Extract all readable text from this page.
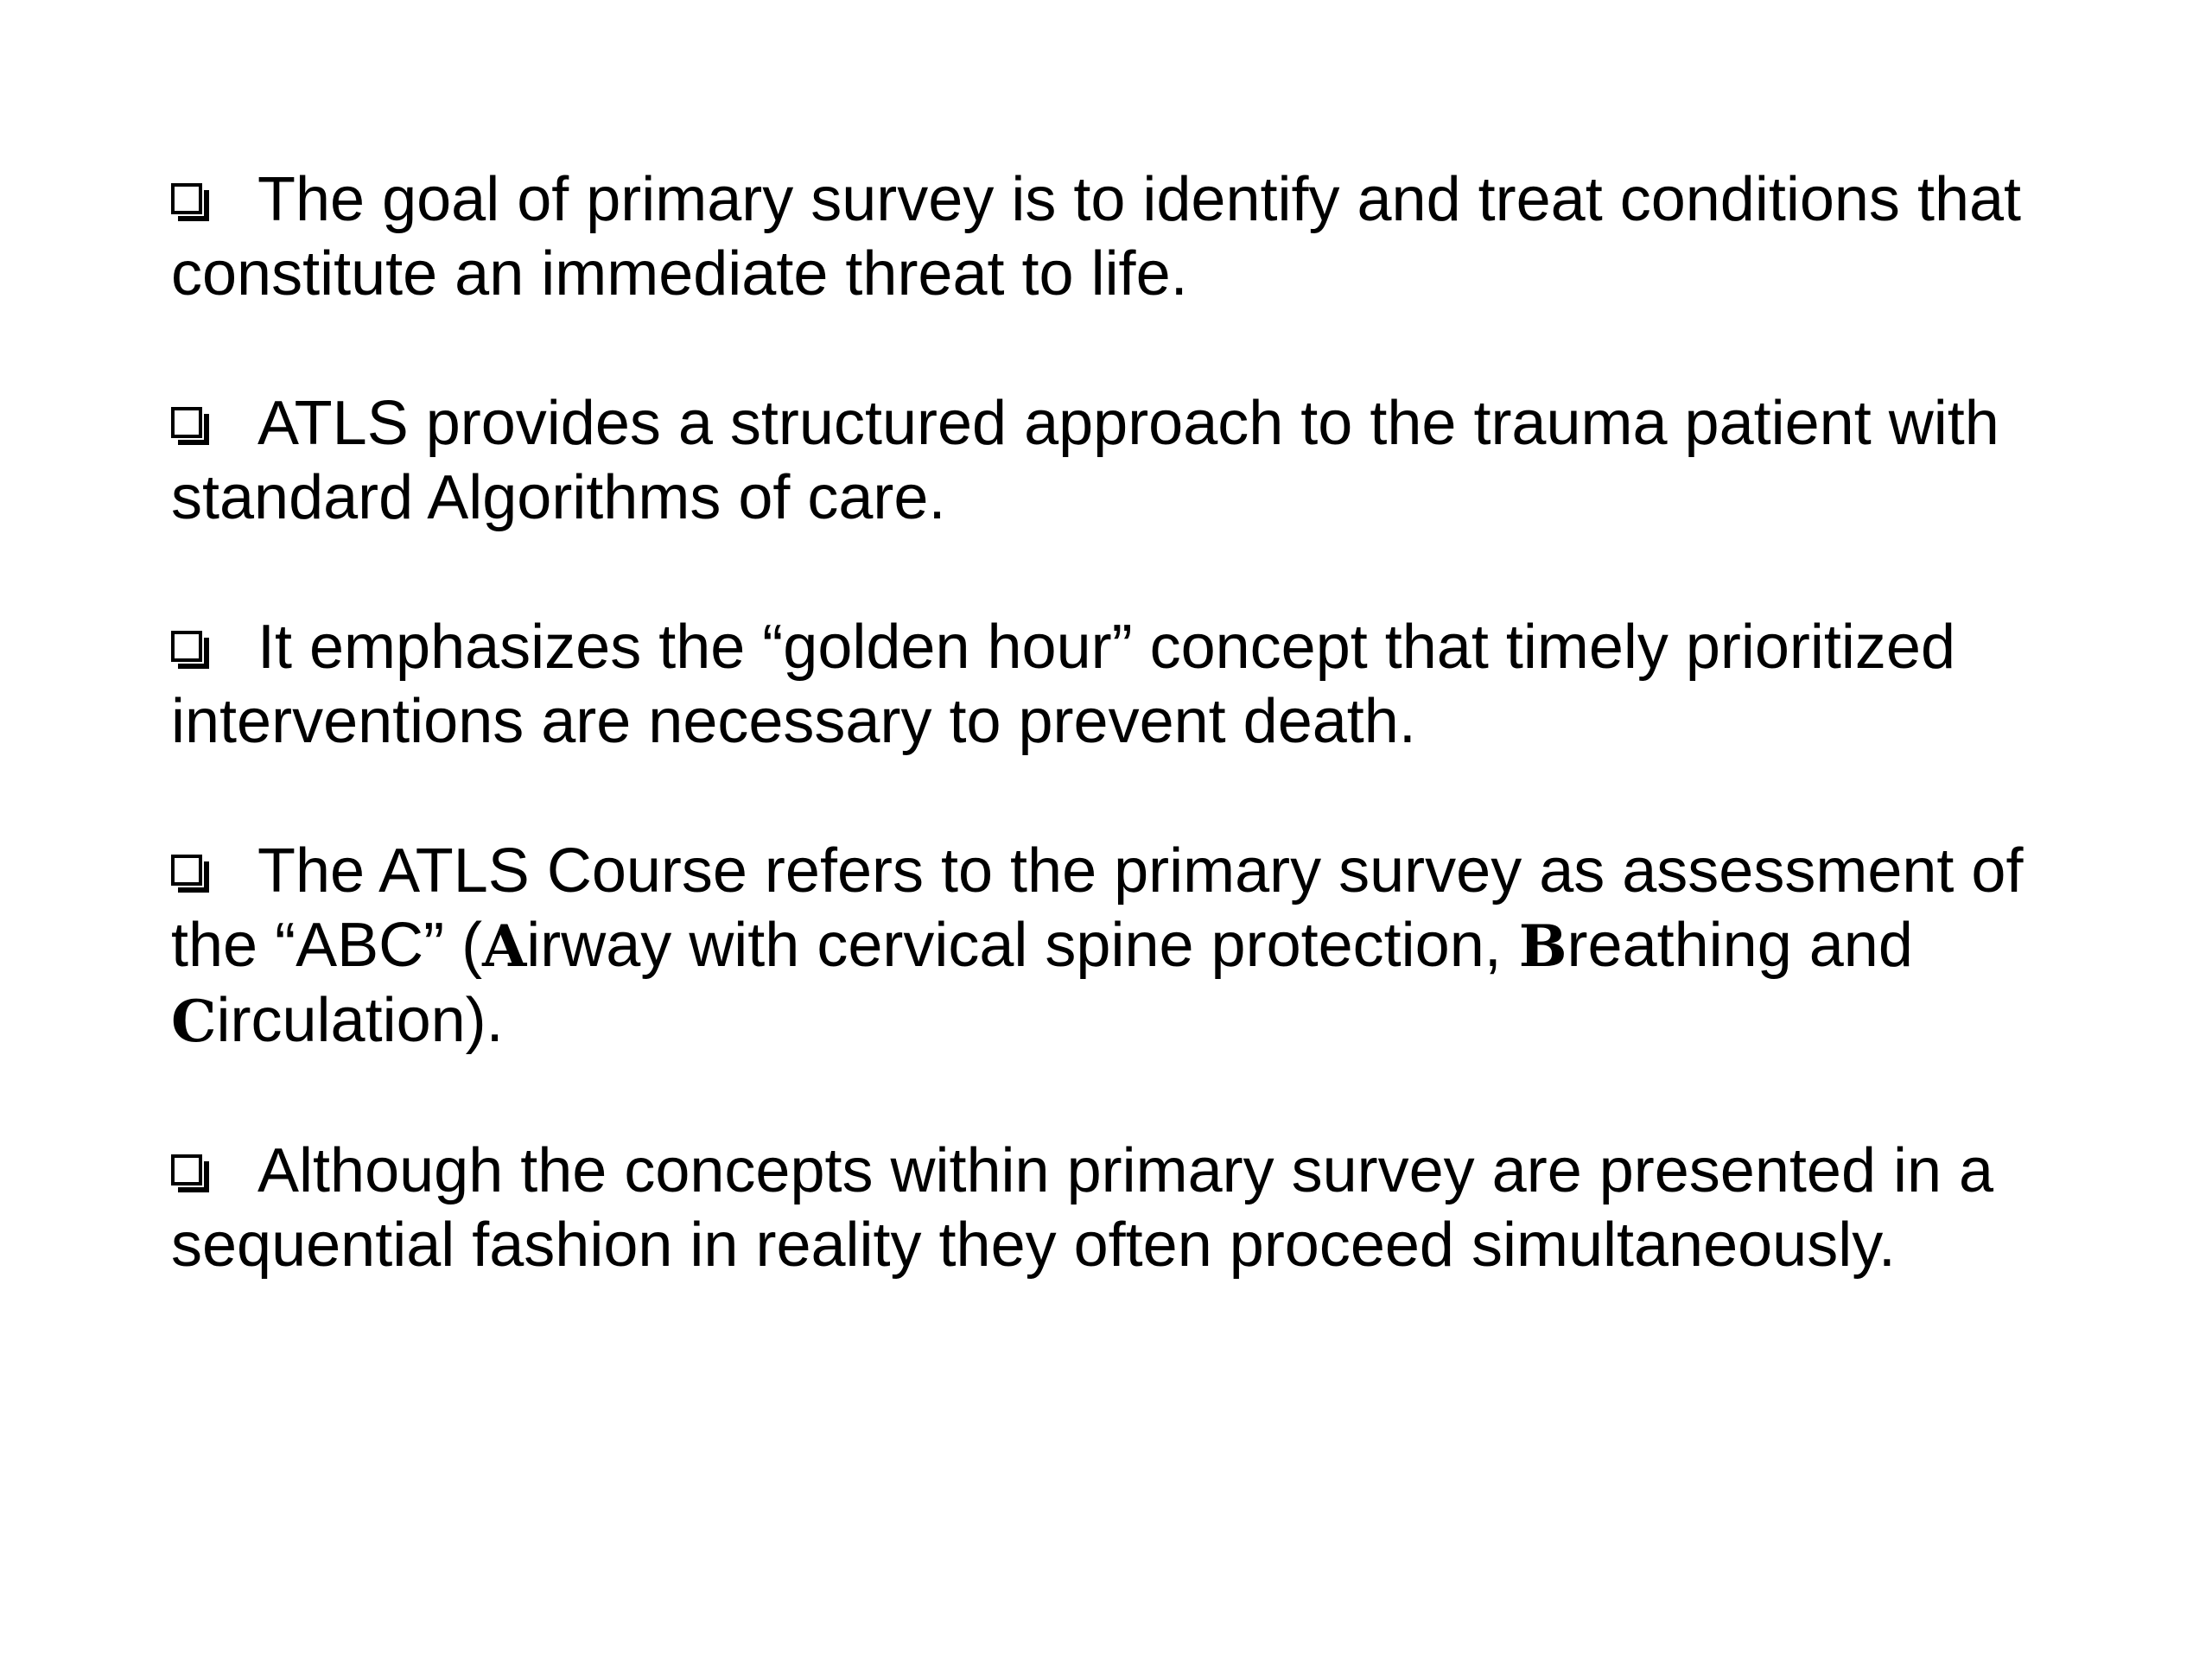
The goal of primary survey is to identify and treat conditions that constitute an immediate threat to life.

ATLS provides a structured approach to the trauma patient with standard Algorithms of care.

It emphasizes the “golden hour” concept that timely prioritized interventions are necessary to prevent death.

The ATLS Course refers to the primary survey as assessment of the “ABC” (Airway with cervical spine protection, Breathing and Circulation).

Although the concepts within primary survey are presented in a sequential fashion in reality they often proceed simultaneously.
